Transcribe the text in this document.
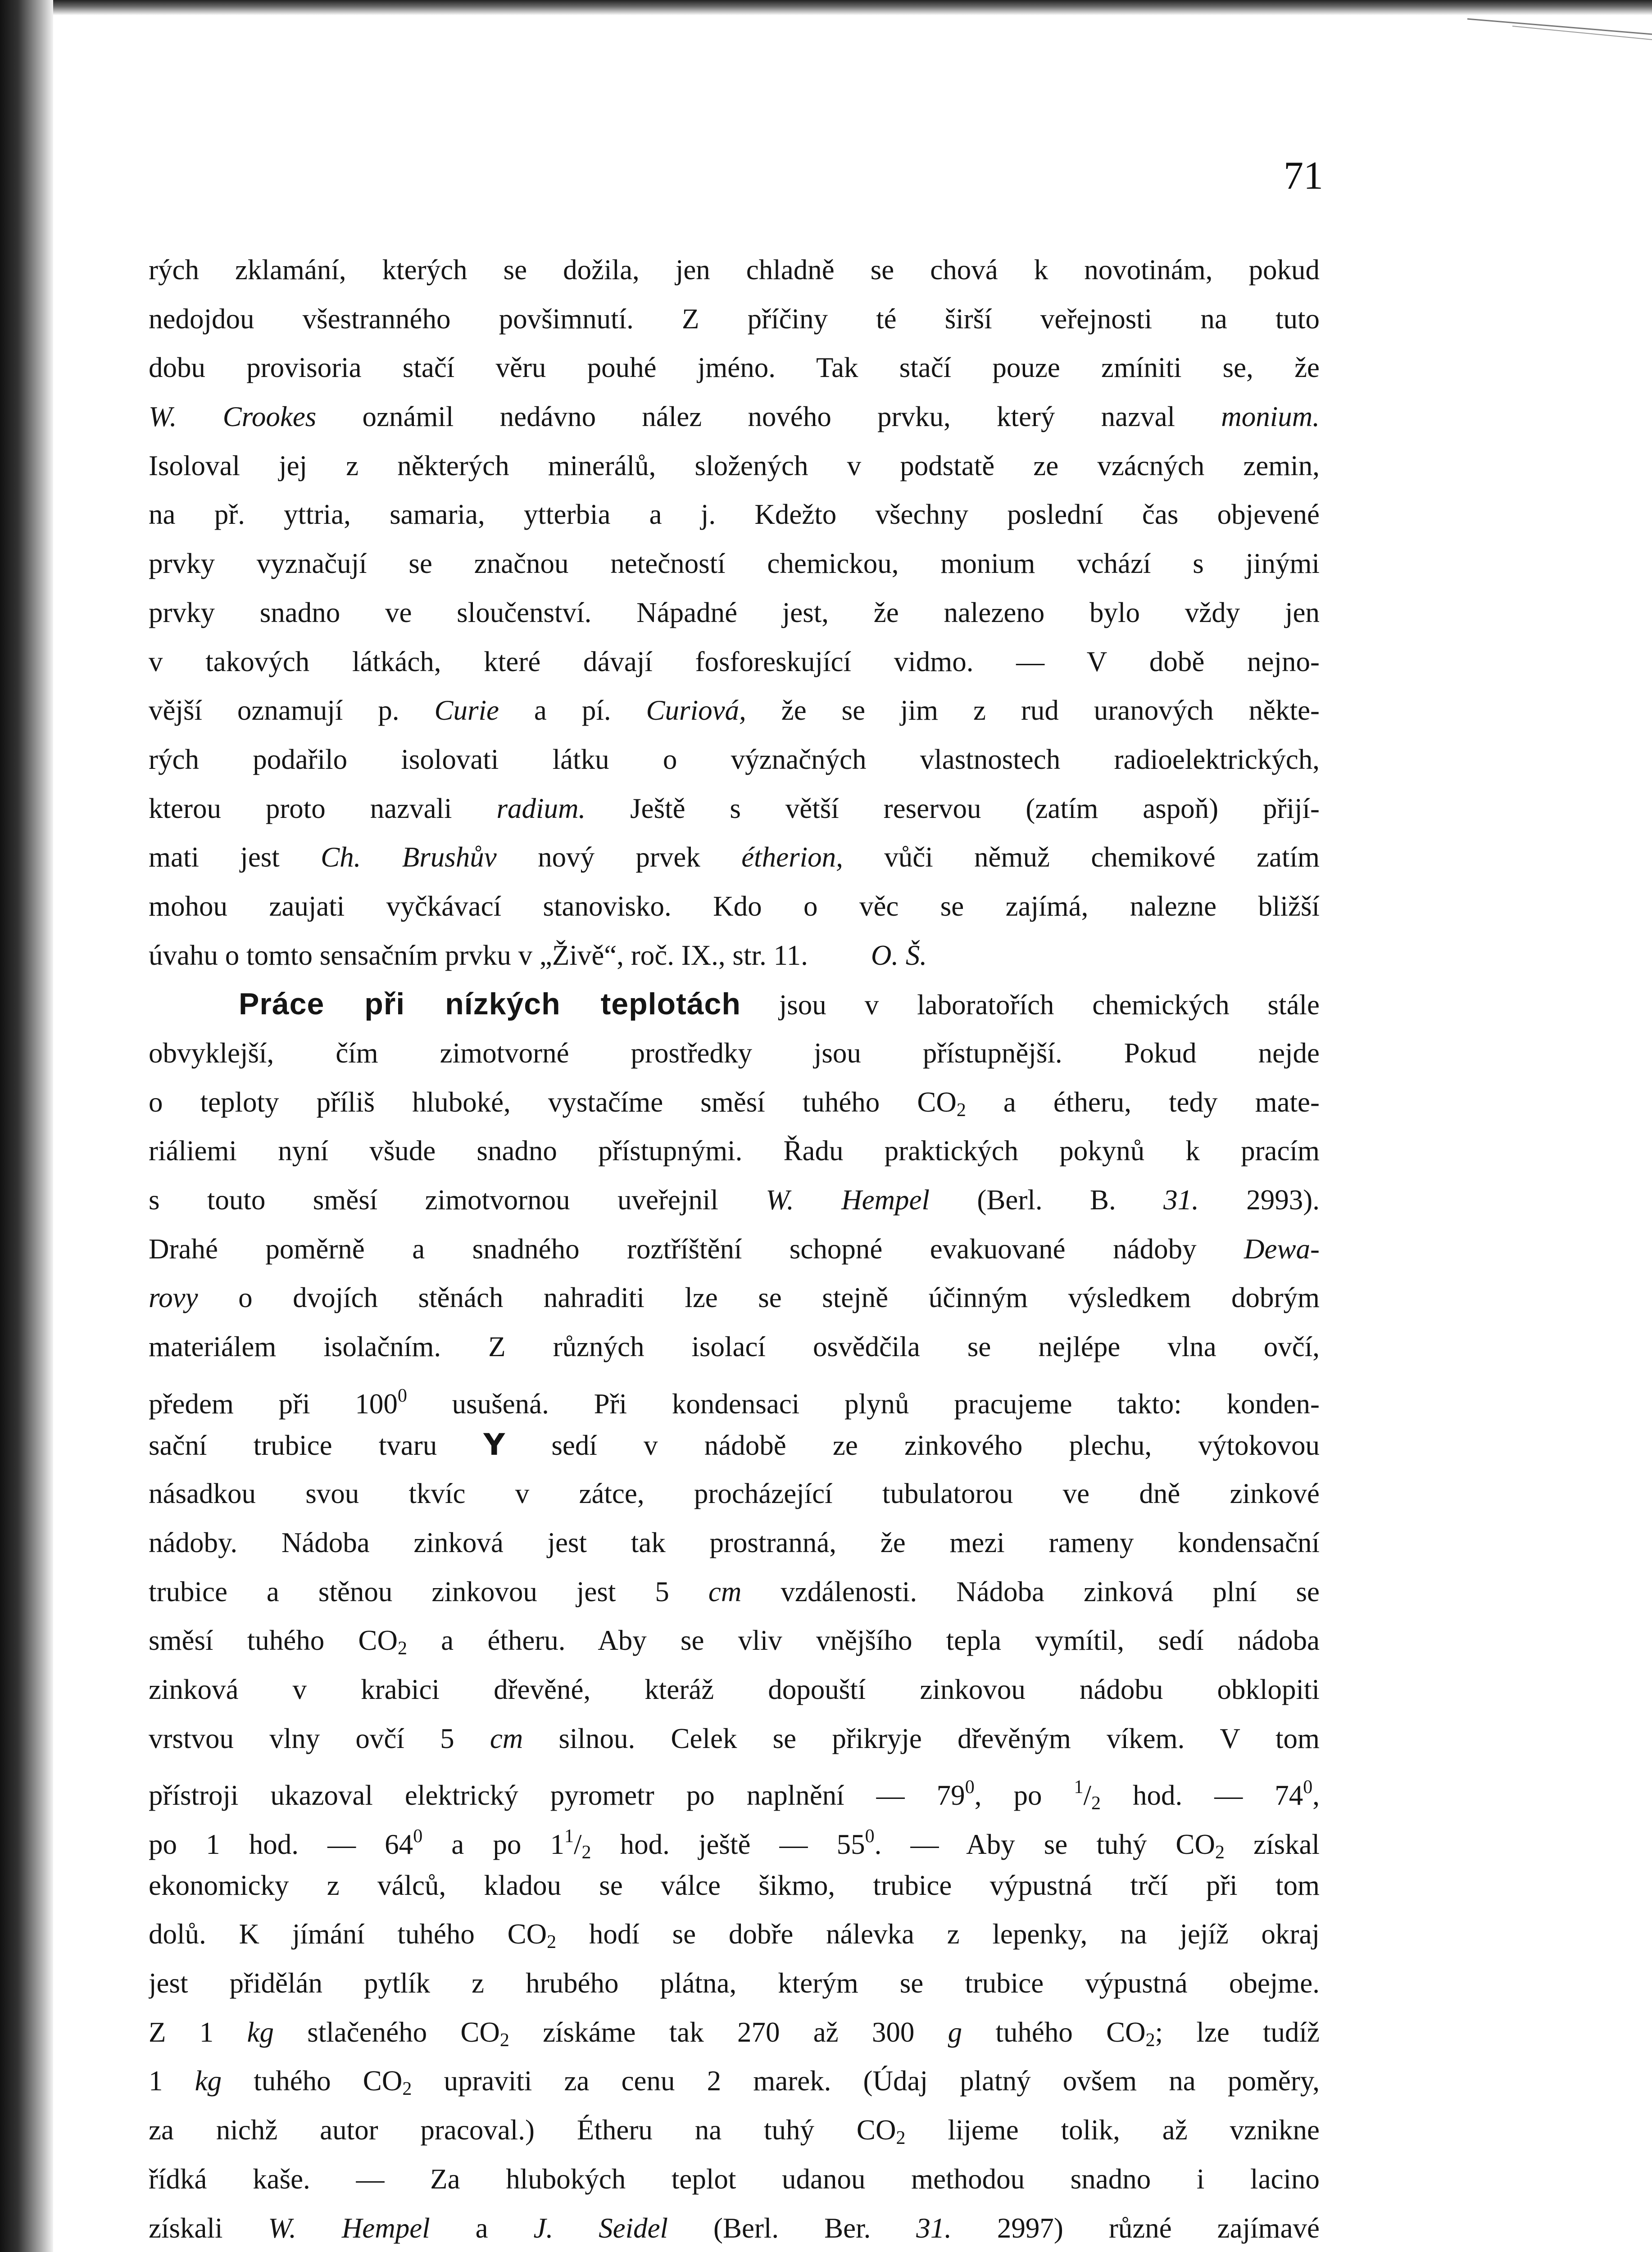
71
rých zklamání, kterých se dožila, jen chladně se chová k novotinám, pokud
nedojdou všestranného povšimnutí. Z příčiny té širší veřejnosti na tuto
dobu provisoria stačí věru pouhé jméno. Tak stačí pouze zmíniti se, že
W. Crookes oznámil nedávno nález nového prvku, který nazval monium.
Isoloval jej z některých minerálů, složených v podstatě ze vzácných zemin,
na př. yttria, samaria, ytterbia a j. Kdežto všechny poslední čas objevené
prvky vyznačují se značnou netečností chemickou, monium vchází s jinými
prvky snadno ve sloučenství. Nápadné jest, že nalezeno bylo vždy jen
v takových látkách, které dávají fosforeskující vidmo. — V době nejno-
vější oznamují p. Curie a pí. Curiová, že se jim z rud uranových někte-
rých podařilo isolovati látku o význačných vlastnostech radioelektrických,
kterou proto nazvali radium. Ještě s větší reservou (zatím aspoň) přijí-
mati jest Ch. Brushův nový prvek étherion, vůči němuž chemikové zatím
mohou zaujati vyčkávací stanovisko. Kdo o věc se zajímá, nalezne bližší
úvahu o tomto sensačním prvku v „Živě“, roč. IX., str. 11. O. Š.
Práce při nízkých teplotách jsou v laboratořích chemických stále
obvyklejší, čím zimotvorné prostředky jsou přístupnější. Pokud nejde
o teploty příliš hluboké, vystačíme směsí tuhého $CO_2$ a étheru, tedy mate-
riáliemi nyní všude snadno přístupnými. Řadu praktických pokynů k pracím
s touto směsí zimotvornou uveřejnil W. Hempel (Berl. B. 31. 2993).
Drahé poměrně a snadného roztříštění schopné evakuované nádoby Dewa-
rovy o dvojích stěnách nahraditi lze se stejně účinným výsledkem dobrým
materiálem isolačním. Z různých isolací osvědčila se nejlépe vlna ovčí,
předem při $100^0$ usušená. Při kondensaci plynů pracujeme takto: konden-
sační trubice tvaru Y sedí v nádobě ze zinkového plechu, výtokovou
násadkou svou tkvíc v zátce, procházející tubulatorou ve dně zinkové
nádoby. Nádoba zinková jest tak prostranná, že mezi rameny kondensační
trubice a stěnou zinkovou jest 5 cm vzdálenosti. Nádoba zinková plní se
směsí tuhého $CO_2$ a étheru. Aby se vliv vnějšího tepla vymítil, sedí nádoba
zinková v krabici dřevěné, kteráž dopouští zinkovou nádobu obklopiti
vrstvou vlny ovčí 5 cm silnou. Celek se přikryje dřevěným víkem. V tom
přístroji ukazoval elektrický pyrometr po naplnění — $79^0$, po $^1/_2$ hod. — $74^0$,
po 1 hod. — $64^0$ a po $1^1/_2$ hod. ještě — $55^0$. — Aby se tuhý $CO_2$ získal
ekonomicky z válců, kladou se válce šikmo, trubice výpustná trčí při tom
dolů. K jímání tuhého $CO_2$ hodí se dobře nálevka z lepenky, na jejíž okraj
jest přidělán pytlík z hrubého plátna, kterým se trubice výpustná obejme.
Z 1 kg stlačeného $CO_2$ získáme tak 270 až 300 g tuhého $CO_2$; lze tudíž
1 kg tuhého $CO_2$ upraviti za cenu 2 marek. (Údaj platný ovšem na poměry,
za nichž autor pracoval.) Étheru na tuhý $CO_2$ lijeme tolik, až vznikne
řídká kaše. — Za hlubokých teplot udanou methodou snadno i lacino
získali W. Hempel a J. Seidel (Berl. Ber. 31. 2997) různé zajímavé
